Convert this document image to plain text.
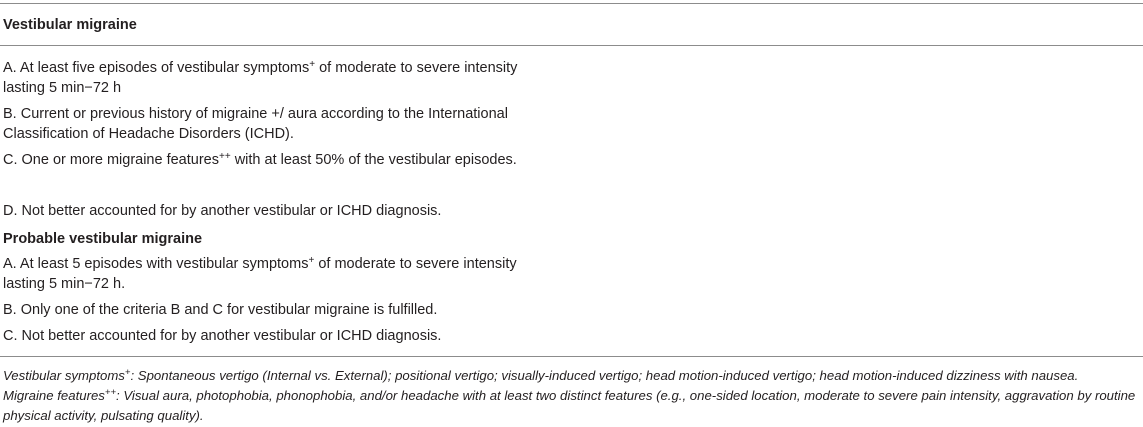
Vestibular migraine
A. At least five episodes of vestibular symptoms+ of moderate to severe intensity lasting 5 min−72 h
B. Current or previous history of migraine +/ aura according to the International Classification of Headache Disorders (ICHD).
C. One or more migraine features++ with at least 50% of the vestibular episodes.
D. Not better accounted for by another vestibular or ICHD diagnosis.
Probable vestibular migraine
A. At least 5 episodes with vestibular symptoms+ of moderate to severe intensity lasting 5 min−72 h.
B. Only one of the criteria B and C for vestibular migraine is fulfilled.
C. Not better accounted for by another vestibular or ICHD diagnosis.
Vestibular symptoms+: Spontaneous vertigo (Internal vs. External); positional vertigo; visually-induced vertigo; head motion-induced vertigo; head motion-induced dizziness with nausea.
Migraine features++: Visual aura, photophobia, phonophobia, and/or headache with at least two distinct features (e.g., one-sided location, moderate to severe pain intensity, aggravation by routine physical activity, pulsating quality).
